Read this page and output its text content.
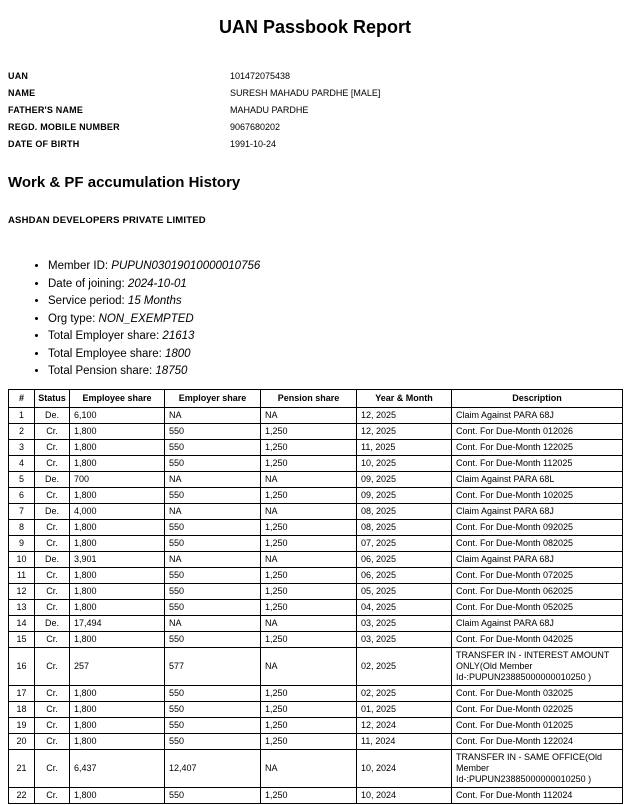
UAN Passbook Report
UAN	101472075438
NAME	SURESH MAHADU PARDHE [MALE]
FATHER'S NAME	MAHADU PARDHE
REGD. MOBILE NUMBER	9067680202
DATE OF BIRTH	1991-10-24
Work & PF accumulation History
ASHDAN DEVELOPERS PRIVATE LIMITED
• Member ID: PUPUN03019010000010756
• Date of joining: 2024-10-01
• Service period: 15 Months
• Org type: NON_EXEMPTED
• Total Employer share: 21613
• Total Employee share: 1800
• Total Pension share: 18750
#	Status	Employee share	Employer share	Pension share	Year & Month	Description
1	De.	6,100	NA	NA	12, 2025	Claim Against PARA 68J
2	Cr.	1,800	550	1,250	12, 2025	Cont. For Due-Month 012026
3	Cr.	1,800	550	1,250	11, 2025	Cont. For Due-Month 122025
4	Cr.	1,800	550	1,250	10, 2025	Cont. For Due-Month 112025
5	De.	700	NA	NA	09, 2025	Claim Against PARA 68L
6	Cr.	1,800	550	1,250	09, 2025	Cont. For Due-Month 102025
7	De.	4,000	NA	NA	08, 2025	Claim Against PARA 68J
8	Cr.	1,800	550	1,250	08, 2025	Cont. For Due-Month 092025
9	Cr.	1,800	550	1,250	07, 2025	Cont. For Due-Month 082025
10	De.	3,901	NA	NA	06, 2025	Claim Against PARA 68J
11	Cr.	1,800	550	1,250	06, 2025	Cont. For Due-Month 072025
12	Cr.	1,800	550	1,250	05, 2025	Cont. For Due-Month 062025
13	Cr.	1,800	550	1,250	04, 2025	Cont. For Due-Month 052025
14	De.	17,494	NA	NA	03, 2025	Claim Against PARA 68J
15	Cr.	1,800	550	1,250	03, 2025	Cont. For Due-Month 042025
16	Cr.	257	577	NA	02, 2025	TRANSFER IN - INTEREST AMOUNT ONLY(Old Member Id-:PUPUN23885000000010250 )
17	Cr.	1,800	550	1,250	02, 2025	Cont. For Due-Month 032025
18	Cr.	1,800	550	1,250	01, 2025	Cont. For Due-Month 022025
19	Cr.	1,800	550	1,250	12, 2024	Cont. For Due-Month 012025
20	Cr.	1,800	550	1,250	11, 2024	Cont. For Due-Month 122024
21	Cr.	6,437	12,407	NA	10, 2024	TRANSFER IN - SAME OFFICE(Old Member Id-:PUPUN23885000000010250 )
22	Cr.	1,800	550	1,250	10, 2024	Cont. For Due-Month 112024
